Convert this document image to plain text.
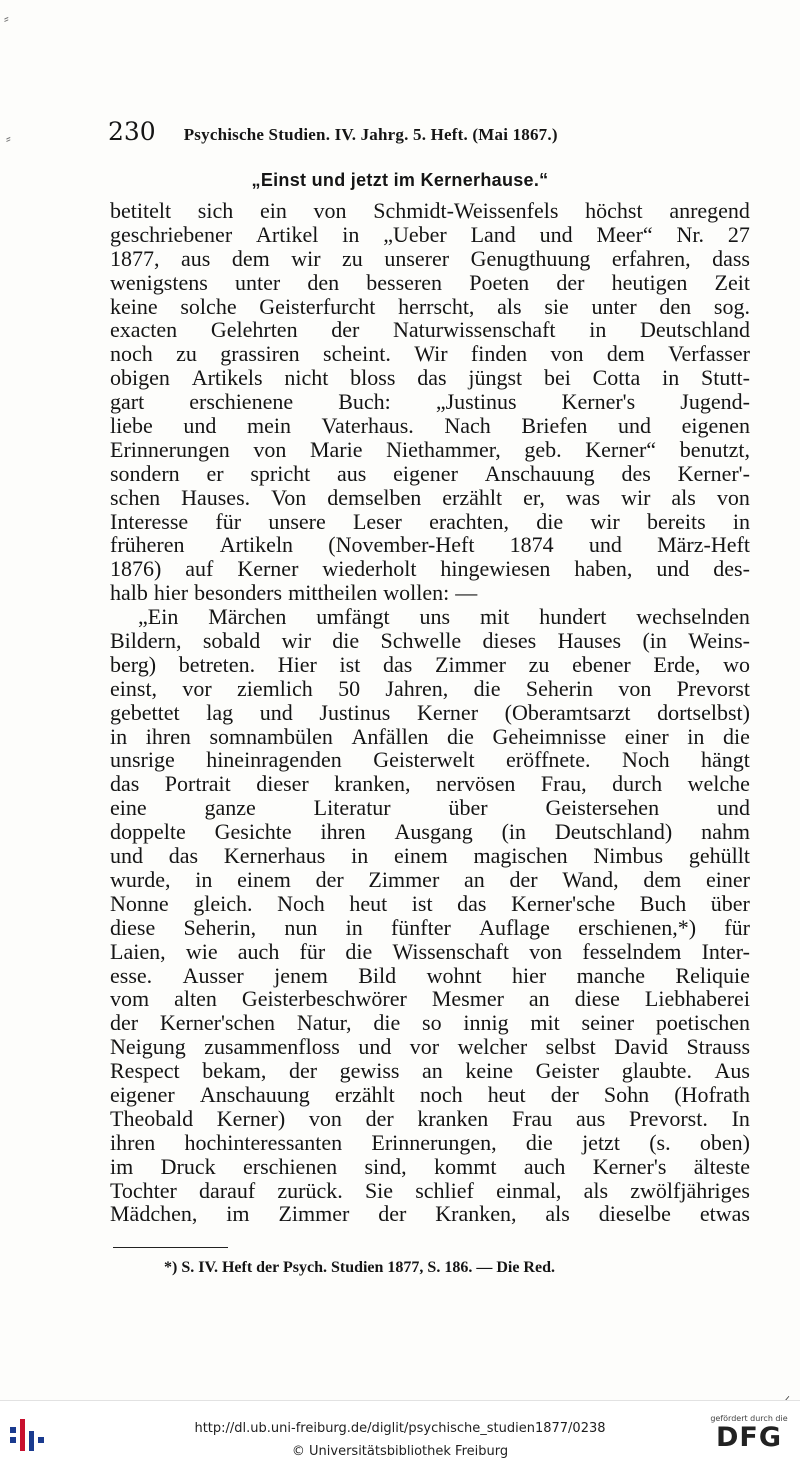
⸗
⸗	230 Psychische Studien. IV. Jahrg. 5. Heft. (Mai 1867.)
„Einst und jetzt im Kernerhause.“
betitelt sich ein von Schmidt-Weissenfels höchst anregend
geschriebener Artikel in „Ueber Land und Meer“ Nr. 27
1877, aus dem wir zu unserer Genugthuung erfahren, dass
wenigstens unter den besseren Poeten der heutigen Zeit
keine solche Geisterfurcht herrscht, als sie unter den sog.
exacten Gelehrten der Naturwissenschaft in Deutschland
noch zu grassiren scheint. Wir finden von dem Verfasser
obigen Artikels nicht bloss das jüngst bei Cotta in Stutt-
gart erschienene Buch: „Justinus Kerner's Jugend-
liebe und mein Vaterhaus. Nach Briefen und eigenen
Erinnerungen von Marie Niethammer, geb. Kerner“ benutzt,
sondern er spricht aus eigener Anschauung des Kerner'-
schen Hauses. Von demselben erzählt er, was wir als von
Interesse für unsere Leser erachten, die wir bereits in
früheren Artikeln (November-Heft 1874 und März-Heft
1876) auf Kerner wiederholt hingewiesen haben, und des-
halb hier besonders mittheilen wollen: —
„Ein Märchen umfängt uns mit hundert wechselnden
Bildern, sobald wir die Schwelle dieses Hauses (in Weins-
berg) betreten. Hier ist das Zimmer zu ebener Erde, wo
einst, vor ziemlich 50 Jahren, die Seherin von Prevorst
gebettet lag und Justinus Kerner (Oberamtsarzt dortselbst)
in ihren somnambülen Anfällen die Geheimnisse einer in die
unsrige hineinragenden Geisterwelt eröffnete. Noch hängt
das Portrait dieser kranken, nervösen Frau, durch welche
eine	ganze	Literatur	über	Geistersehen	und
doppelte Gesichte ihren Ausgang (in Deutschland) nahm
und das Kernerhaus in einem magischen Nimbus gehüllt
wurde, in einem der Zimmer an der Wand, dem einer
Nonne gleich. Noch heut ist das Kerner'sche Buch über
diese Seherin, nun in fünfter Auflage erschienen,*) für
Laien, wie auch für die Wissenschaft von fesselndem Inter-
esse. Ausser jenem Bild wohnt hier manche Reliquie
vom alten Geisterbeschwörer Mesmer an diese Liebhaberei
der Kerner'schen Natur, die so innig mit seiner poetischen
Neigung zusammenfloss und vor welcher selbst David Strauss
Respect bekam, der gewiss an keine Geister glaubte. Aus
eigener Anschauung erzählt noch heut der Sohn (Hofrath
Theobald Kerner) von der kranken Frau aus Prevorst. In
ihren hochinteressanten Erinnerungen, die jetzt (s. oben)
im Druck erschienen sind, kommt auch Kerner's älteste
Tochter darauf zurück. Sie schlief einmal, als zwölfjähriges
Mädchen, im Zimmer der Kranken, als dieselbe etwas
*) S. IV. Heft der Psych. Studien 1877, S. 186. — Die Red.
http://dl.ub.uni-freiburg.de/diglit/psychische_studien1877/0238
© Universitätsbibliothek Freiburg
gefördert durch die
DFG
